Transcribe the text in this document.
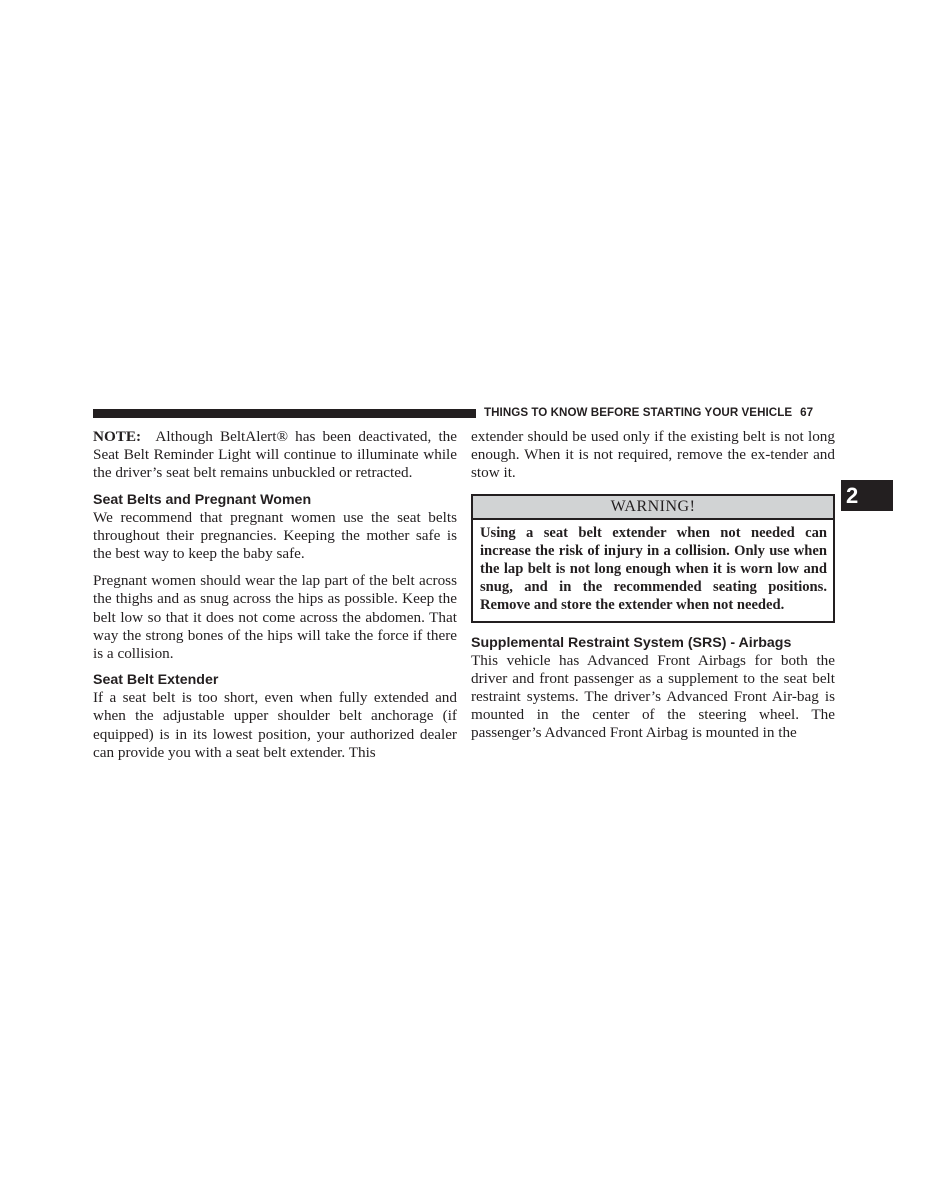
THINGS TO KNOW BEFORE STARTING YOUR VEHICLE 67
2

NOTE: Although BeltAlert® has been deactivated, the Seat Belt Reminder Light will continue to illuminate while the driver’s seat belt remains unbuckled or retracted.

Seat Belts and Pregnant Women

We recommend that pregnant women use the seat belts throughout their pregnancies. Keeping the mother safe is the best way to keep the baby safe.

Pregnant women should wear the lap part of the belt across the thighs and as snug across the hips as possible. Keep the belt low so that it does not come across the abdomen. That way the strong bones of the hips will take the force if there is a collision.

Seat Belt Extender

If a seat belt is too short, even when fully extended and when the adjustable upper shoulder belt anchorage (if equipped) is in its lowest position, your authorized dealer can provide you with a seat belt extender. This

extender should be used only if the existing belt is not long enough. When it is not required, remove the ex-tender and stow it.

WARNING!
Using a seat belt extender when not needed can increase the risk of injury in a collision. Only use when the lap belt is not long enough when it is worn low and snug, and in the recommended seating positions. Remove and store the extender when not needed.
Supplemental Restraint System (SRS) - Airbags

This vehicle has Advanced Front Airbags for both the driver and front passenger as a supplement to the seat belt restraint systems. The driver’s Advanced Front Air-bag is mounted in the center of the steering wheel. The passenger’s Advanced Front Airbag is mounted in the
